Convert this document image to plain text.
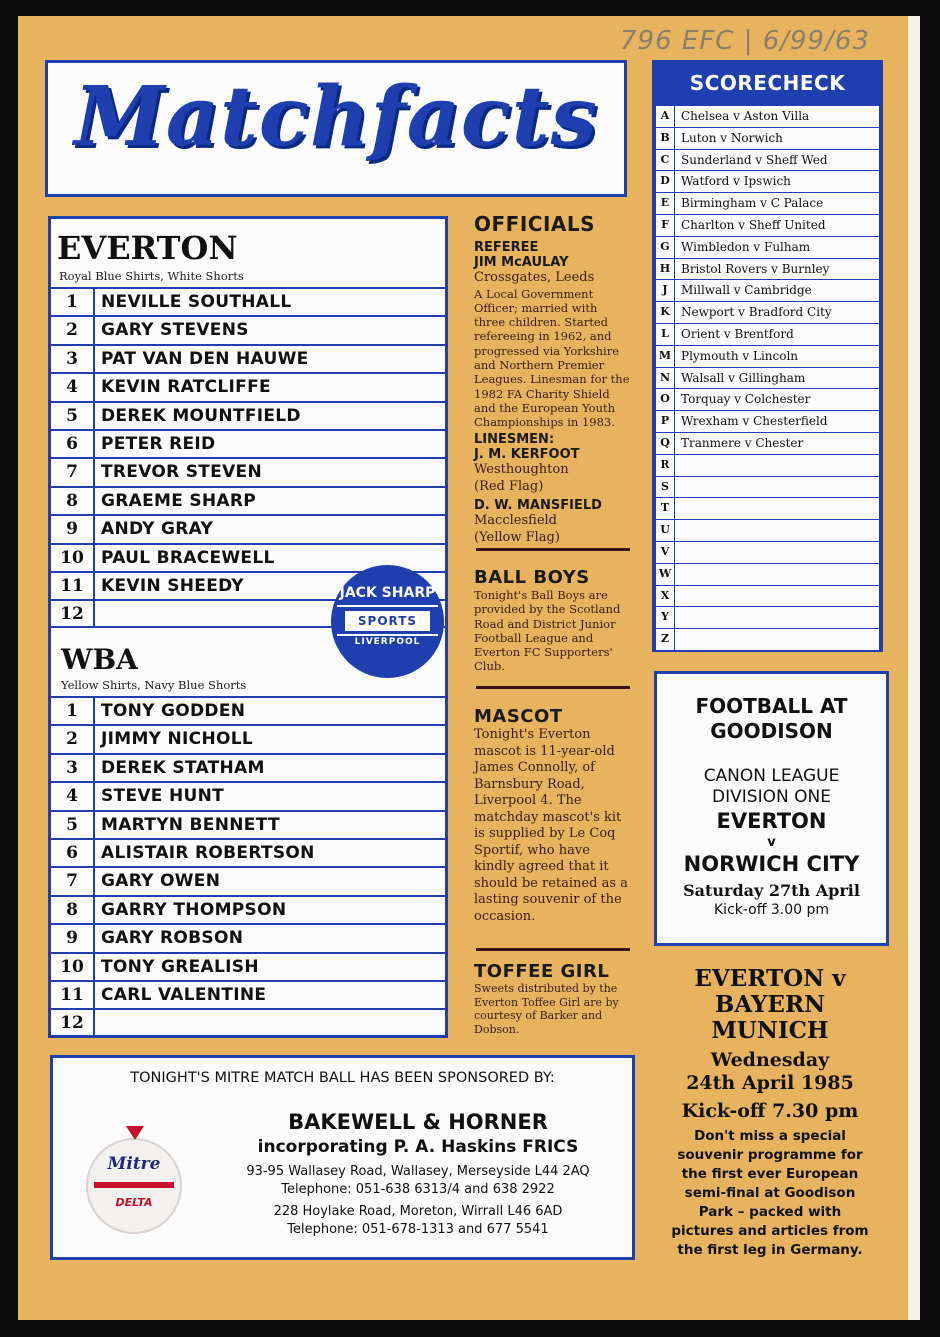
796 EFC | 6/99/63
Matchfacts
EVERTON
Royal Blue Shirts, White Shorts
1	NEVILLE SOUTHALL
2	GARY STEVENS
3	PAT VAN DEN HAUWE
4	KEVIN RATCLIFFE
5	DEREK MOUNTFIELD
6	PETER REID
7	TREVOR STEVEN
8	GRAEME SHARP
9	ANDY GRAY
10	PAUL BRACEWELL
11	KEVIN SHEEDY
12
WBA
Yellow Shirts, Navy Blue Shorts
1	TONY GODDEN
2	JIMMY NICHOLL
3	DEREK STATHAM
4	STEVE HUNT
5	MARTYN BENNETT
6	ALISTAIR ROBERTSON
7	GARY OWEN
8	GARRY THOMPSON
9	GARY ROBSON
10	TONY GREALISH
11	CARL VALENTINE
12
JACK SHARP
SPORTS
LIVERPOOL
OFFICIALS
REFEREE
JIM McAULAY

Crossgates, Leeds

A Local Government Officer; married with three children. Started refereeing in 1962, and progressed via Yorkshire and Northern Premier Leagues. Linesman for the 1982 FA Charity Shield and the European Youth Championships in 1983.

LINESMEN:
J. M. KERFOOT

Westhoughton

(Red Flag)

D. W. MANSFIELD

Macclesfield

(Yellow Flag)

BALL BOYS

Tonight's Ball Boys are provided by the Scotland Road and District Junior Football League and Everton FC Supporters' Club.

MASCOT

Tonight's Everton mascot is 11-year-old James Connolly, of Barnsbury Road, Liverpool 4. The matchday mascot's kit is supplied by Le Coq Sportif, who have kindly agreed that it should be retained as a lasting souvenir of the occasion.

TOFFEE GIRL

Sweets distributed by the Everton Toffee Girl are by courtesy of Barker and Dobson.

SCORECHECK
A Chelsea v Aston Villa
B Luton v Norwich
C Sunderland v Sheff Wed
D Watford v Ipswich
E Birmingham v C Palace
F	Charlton v Sheff United
G Wimbledon v Fulham
H Bristol Rovers v Burnley
J	Millwall v Cambridge
K Newport v Bradford City
L	Orient v Brentford
M Plymouth v Lincoln
N Walsall v Gillingham
O Torquay v Colchester
P Wrexham v Chesterfield
Q Tranmere v Chester
R
S
T
U
V
W
X
Y
Z
FOOTBALL AT
GOODISON
CANON LEAGUE
DIVISION ONE
EVERTON
v
NORWICH CITY
Saturday 27th April
Kick-off 3.00 pm
EVERTON v
BAYERN
MUNICH
Wednesday
24th April 1985
Kick-off 7.30 pm
Don't miss a special
souvenir programme for
the first ever European
semi-final at Goodison
Park – packed with
pictures and articles from
the first leg in Germany.
TONIGHT'S MITRE MATCH BALL HAS BEEN SPONSORED BY:
BAKEWELL & HORNER
incorporating P. A. Haskins FRICS
93-95 Wallasey Road, Wallasey, Merseyside L44 2AQ
Telephone: 051-638 6313/4 and 638 2922
228 Hoylake Road, Moreton, Wirrall L46 6AD
Telephone: 051-678-1313 and 677 5541
Mitre
DELTA
